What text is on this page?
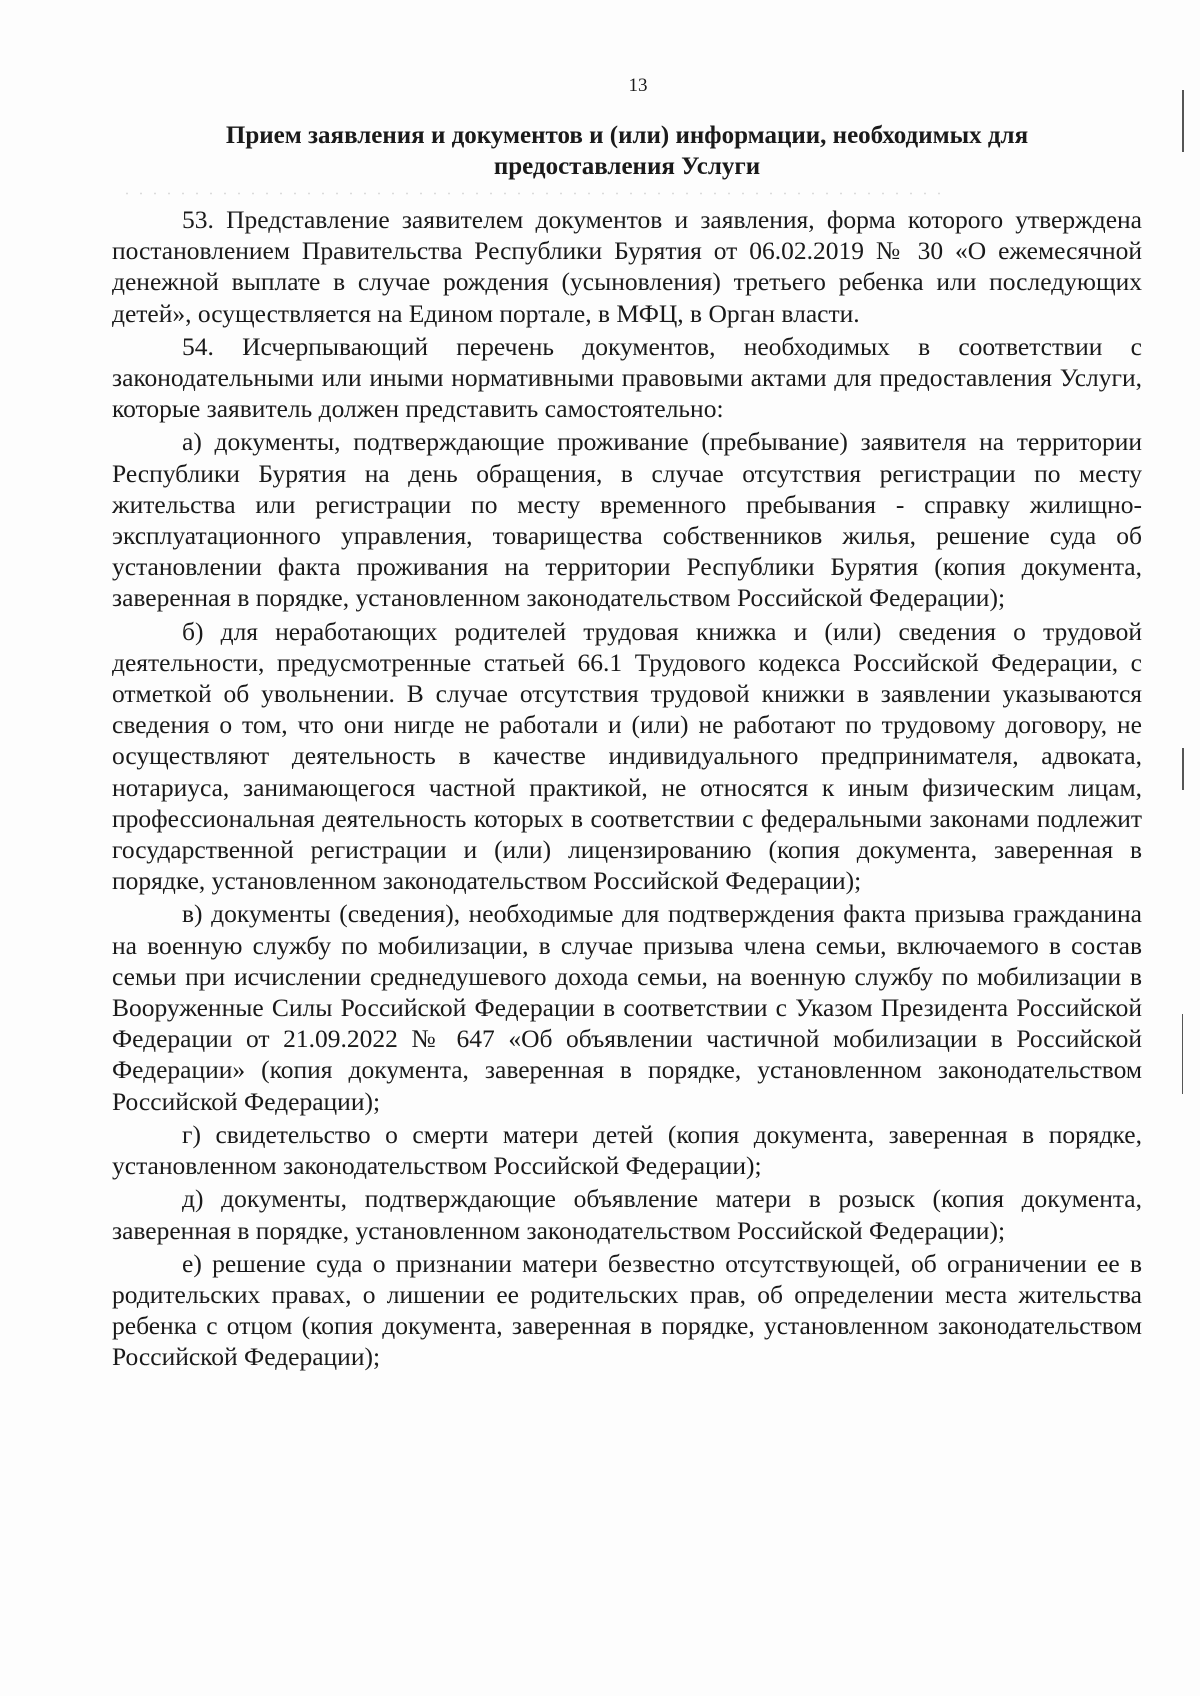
13
Прием заявления и документов и (или) информации, необходимых для
предоставления Услуги

53. Представление заявителем документов и заявления, форма которого утверждена постановлением Правительства Республики Бурятия от 06.02.2019 № 30 «О ежемесячной денежной выплате в случае рождения (усыновления) третьего ребенка или последующих детей», осуществляется на Едином портале, в МФЦ, в Орган власти.

54. Исчерпывающий перечень документов, необходимых в соответствии с законодательными или иными нормативными правовыми актами для предоставления Услуги, которые заявитель должен представить самостоятельно:

а) документы, подтверждающие проживание (пребывание) заявителя на территории Республики Бурятия на день обращения, в случае отсутствия регистрации по месту жительства или регистрации по месту временного пребывания - справку жилищно-эксплуатационного управления, товарищества собственников жилья, решение суда об установлении факта проживания на территории Республики Бурятия (копия документа, заверенная в порядке, установленном законодательством Российской Федерации);

б) для неработающих родителей трудовая книжка и (или) сведения о трудовой деятельности, предусмотренные статьей 66.1 Трудового кодекса Российской Федерации, с отметкой об увольнении. В случае отсутствия трудовой книжки в заявлении указываются сведения о том, что они нигде не работали и (или) не работают по трудовому договору, не осуществляют деятельность в качестве индивидуального предпринимателя, адвоката, нотариуса, занимающегося частной практикой, не относятся к иным физическим лицам, профессиональная деятельность которых в соответствии с федеральными законами подлежит государственной регистрации и (или) лицензированию (копия документа, заверенная в порядке, установленном законодательством Российской Федерации);

в) документы (сведения), необходимые для подтверждения факта призыва гражданина на военную службу по мобилизации, в случае призыва члена семьи, включаемого в состав семьи при исчислении среднедушевого дохода семьи, на военную службу по мобилизации в Вооруженные Силы Российской Федерации в соответствии с Указом Президента Российской Федерации от 21.09.2022 № 647 «Об объявлении частичной мобилизации в Российской Федерации» (копия документа, заверенная в порядке, установленном законодательством Российской Федерации);

г) свидетельство о смерти матери детей (копия документа, заверенная в порядке, установленном законодательством Российской Федерации);

д) документы, подтверждающие объявление матери в розыск (копия документа, заверенная в порядке, установленном законодательством Российской Федерации);

е) решение суда о признании матери безвестно отсутствующей, об ограничении ее в родительских правах, о лишении ее родительских прав, об определении места жительства ребенка с отцом (копия документа, заверенная в порядке, установленном законодательством Российской Федерации);
